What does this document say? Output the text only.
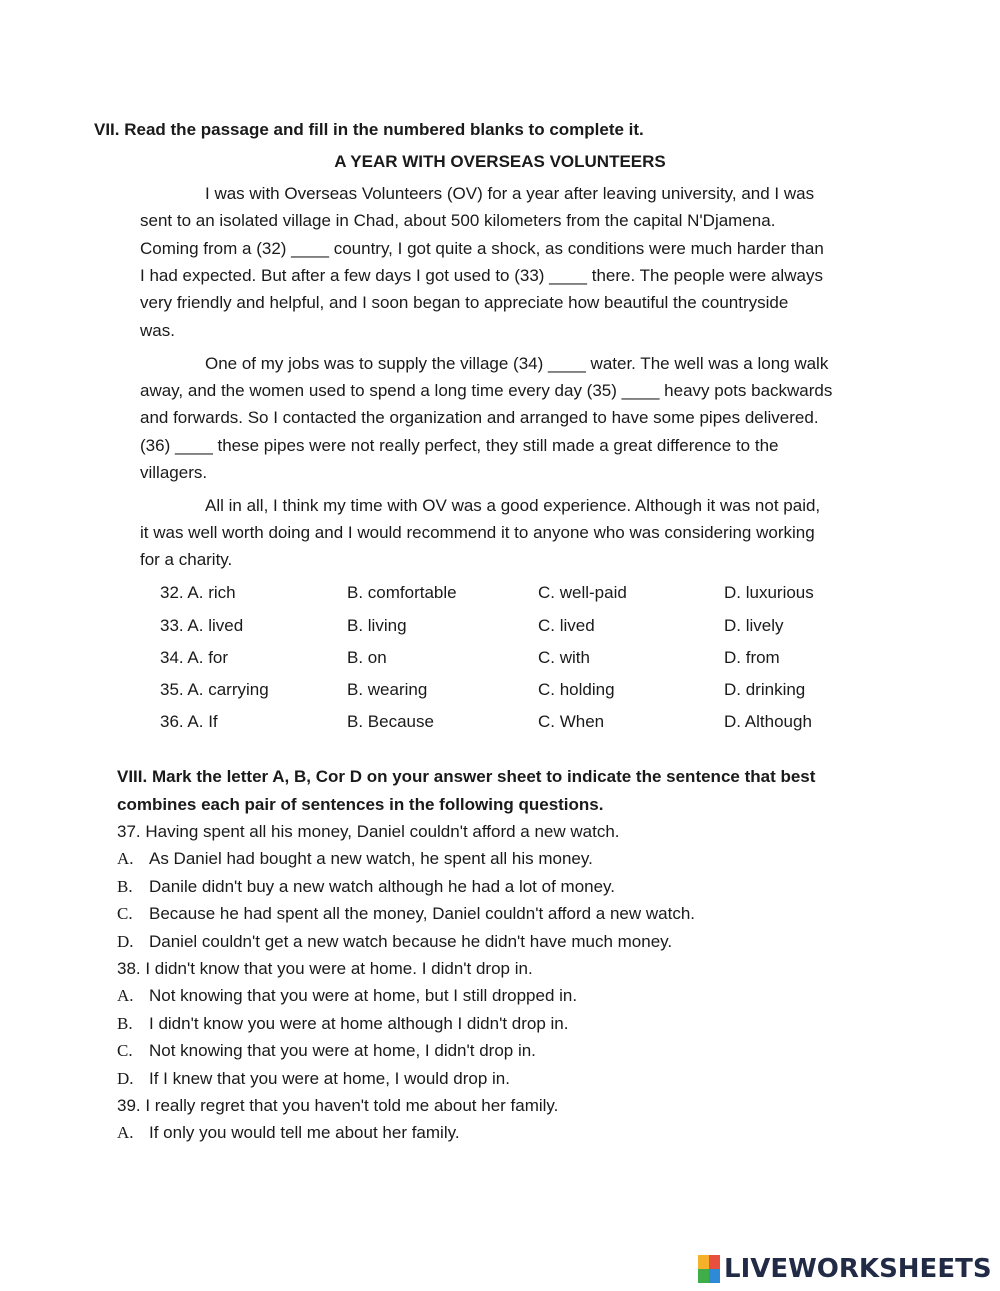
VII. Read the passage and fill in the numbered blanks to complete it.
A YEAR WITH OVERSEAS VOLUNTEERS
I was with Overseas Volunteers (OV) for a year after leaving university, and I was
sent to an isolated village in Chad, about 500 kilometers from the capital N'Djamena.
Coming from a (32) ____ country, I got quite a shock, as conditions were much harder than
I had expected. But after a few days I got used to (33) ____ there. The people were always
very friendly and helpful, and I soon began to appreciate how beautiful the countryside
was.
One of my jobs was to supply the village (34) ____ water. The well was a long walk
away, and the women used to spend a long time every day (35) ____ heavy pots backwards
and forwards. So I contacted the organization and arranged to have some pipes delivered.
(36) ____ these pipes were not really perfect, they still made a great difference to the
villagers.
All in all, I think my time with OV was a good experience. Although it was not paid,
it was well worth doing and I would recommend it to anyone who was considering working
for a charity.
32. A. rich	B. comfortable	C. well-paid	D. luxurious
33. A. lived	B. living	C. lived	D. lively
34. A. for	B. on	C. with	D. from
35. A. carrying	B. wearing	C. holding	D. drinking
36. A. If	B. Because	C. When	D. Although
VIII. Mark the letter A, B, Cor D on your answer sheet to indicate the sentence that best
combines each pair of sentences in the following questions.
37. Having spent all his money, Daniel couldn't afford a new watch.
A. As Daniel had bought a new watch, he spent all his money.
B. Danile didn't buy a new watch although he had a lot of money.
C. Because he had spent all the money, Daniel couldn't afford a new watch.
D. Daniel couldn't get a new watch because he didn't have much money.
38. I didn't know that you were at home. I didn't drop in.
A. Not knowing that you were at home, but I still dropped in.
B. I didn't know you were at home although I didn't drop in.
C. Not knowing that you were at home, I didn't drop in.
D. If I knew that you were at home, I would drop in.
39. I really regret that you haven't told me about her family.
A. If only you would tell me about her family.
LIVEWORKSHEETS
